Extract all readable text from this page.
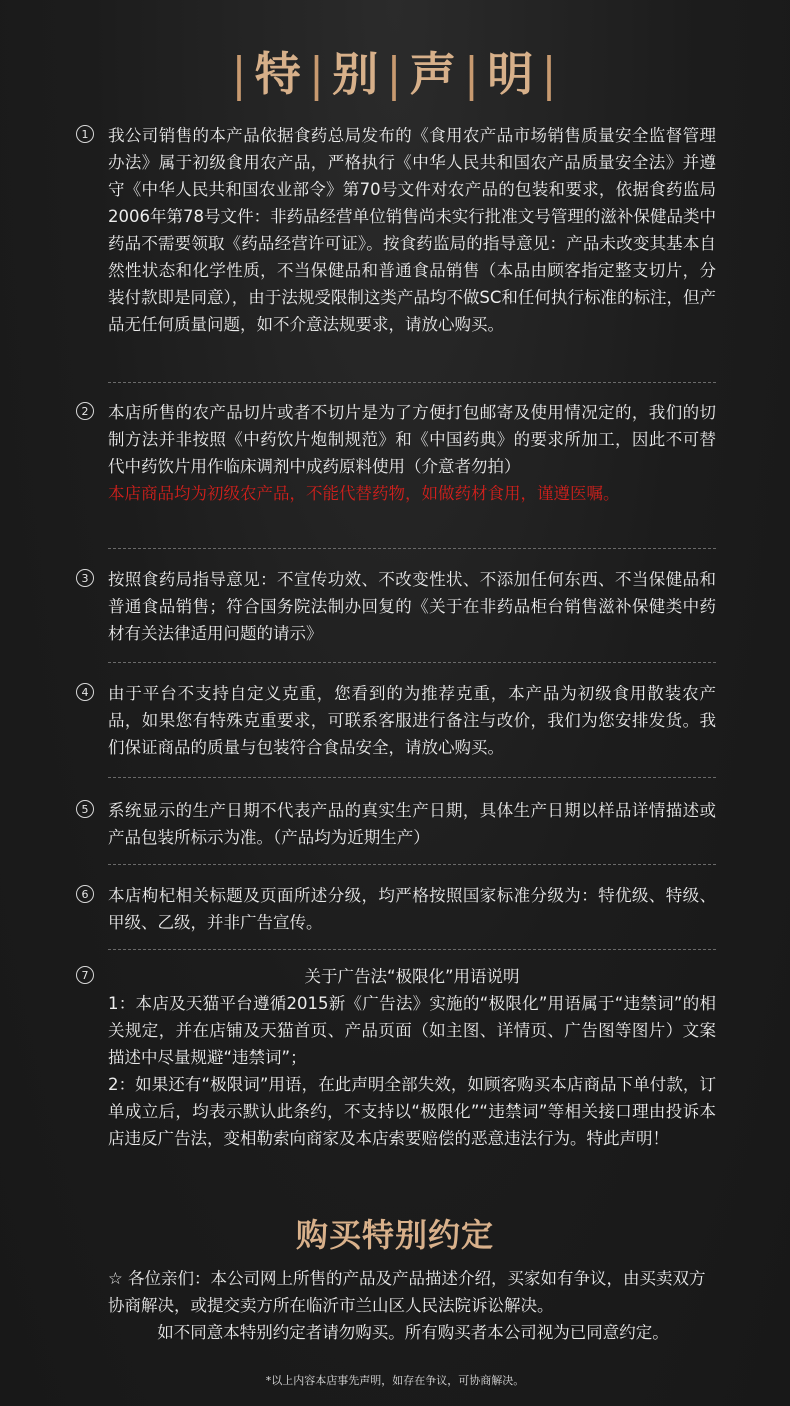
| 特 | 别 | 声 | 明 |
1	我公司销售的本产品依据食药总局发布的《食用农产品市场销售质量安全监督管理办法》属于初级食用农产品，严格执行《中华人民共和国农产品质量安全法》并遵守《中华人民共和国农业部令》第70号文件对农产品的包装和要求，依据食药监局2006年第78号文件：非药品经营单位销售尚未实行批准文号管理的滋补保健品类中药品不需要领取《药品经营许可证》。按食药监局的指导意见：产品未改变其基本自然性状态和化学性质，不当保健品和普通食品销售（本品由顾客指定整支切片，分装付款即是同意），由于法规受限制这类产品均不做SC和任何执行标准的标注，但产品无任何质量问题，如不介意法规要求，请放心购买。
2	本店所售的农产品切片或者不切片是为了方便打包邮寄及使用情况定的，我们的切制方法并非按照《中药饮片炮制规范》和《中国药典》的要求所加工，因此不可替代中药饮片用作临床调剂中成药原料使用（介意者勿拍）
本店商品均为初级农产品，不能代替药物，如做药材食用，谨遵医嘱。
3	按照食药局指导意见：不宣传功效、不改变性状、不添加任何东西、不当保健品和普通食品销售；符合国务院法制办回复的《关于在非药品柜台销售滋补保健类中药材有关法律适用问题的请示》
4	由于平台不支持自定义克重，您看到的为推荐克重，本产品为初级食用散装农产品，如果您有特殊克重要求，可联系客服进行备注与改价，我们为您安排发货。我们保证商品的质量与包装符合食品安全，请放心购买。
5	系统显示的生产日期不代表产品的真实生产日期，具体生产日期以样品详情描述或产品包装所标示为准。（产品均为近期生产）
6	本店枸杞相关标题及页面所述分级，均严格按照国家标准分级为：特优级、特级、甲级、乙级，并非广告宣传。
7	关于广告法“极限化”用语说明
1：本店及天猫平台遵循2015新《广告法》实施的“极限化”用语属于“违禁词”的相关规定，并在店铺及天猫首页、产品页面（如主图、详情页、广告图等图片）文案描述中尽量规避“违禁词”；
2：如果还有“极限词”用语，在此声明全部失效，如顾客购买本店商品下单付款，订单成立后，均表示默认此条约，不支持以“极限化”“违禁词”等相关接口理由投诉本店违反广告法，变相勒索向商家及本店索要赔偿的恶意违法行为。特此声明！
购买特别约定
☆ 各位亲们：本公司网上所售的产品及产品描述介绍，买家如有争议，由买卖双方协商解决，或提交卖方所在临沂市兰山区人民法院诉讼解决。
如不同意本特别约定者请勿购买。所有购买者本公司视为已同意约定。
*以上内容本店事先声明，如存在争议，可协商解决。
